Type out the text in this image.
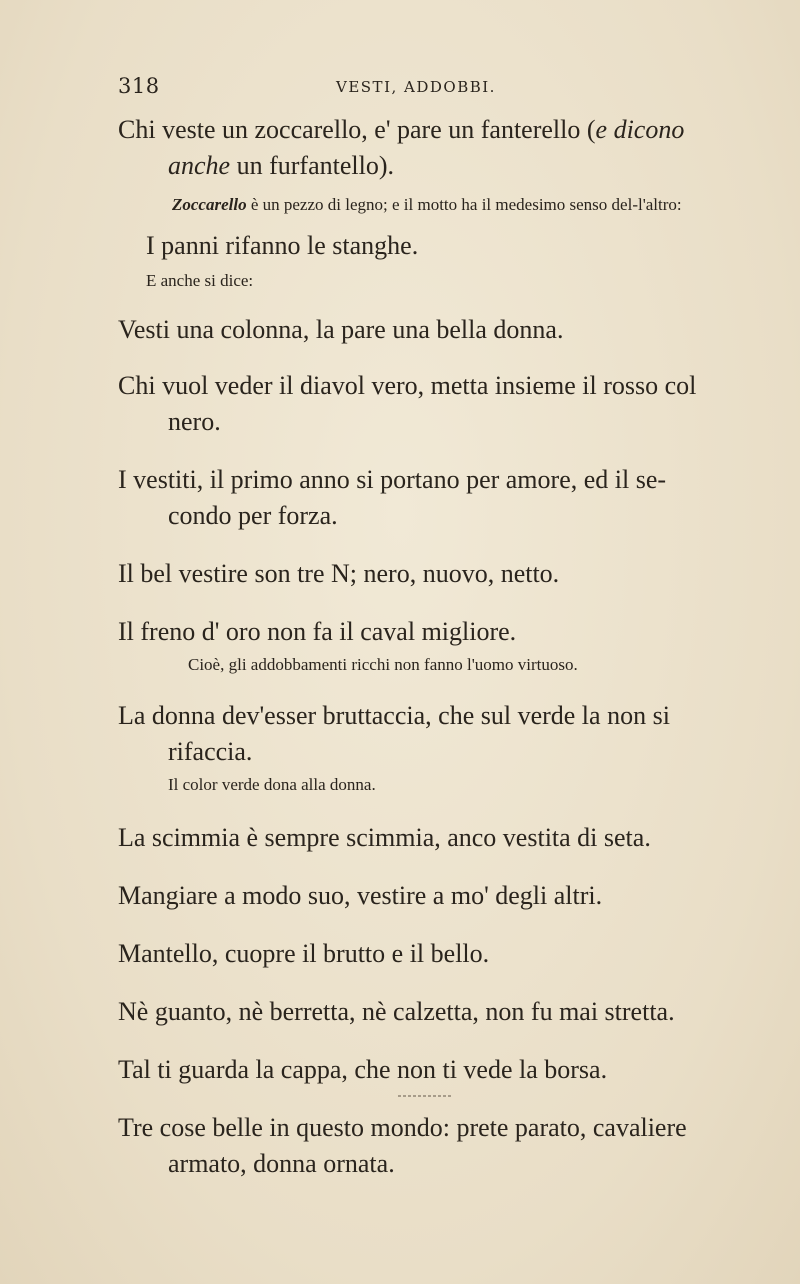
318	VESTI, ADDOBBI.

Chi veste un zoccarello, e' pare un fanterello (e dicono anche un furfantello).

Zoccarello è un pezzo di legno; e il motto ha il medesimo senso del-l'altro:

I panni rifanno le stanghe.

E anche si dice:

Vesti una colonna, la pare una bella donna.

Chi vuol veder il diavol vero, metta insieme il rosso col nero.

I vestiti, il primo anno si portano per amore, ed il se-condo per forza.

Il bel vestire son tre N; nero, nuovo, netto.

Il freno d' oro non fa il caval migliore.

Cioè, gli addobbamenti ricchi non fanno l'uomo virtuoso.

La donna dev'esser bruttaccia, che sul verde la non si rifaccia.

Il color verde dona alla donna.

La scimmia è sempre scimmia, anco vestita di seta.

Mangiare a modo suo, vestire a mo' degli altri.

Mantello, cuopre il brutto e il bello.

Nè guanto, nè berretta, nè calzetta, non fu mai stretta.

Tal ti guarda la cappa, che non ti vede la borsa.

Tre cose belle in questo mondo: prete parato, cavaliere armato, donna ornata.
